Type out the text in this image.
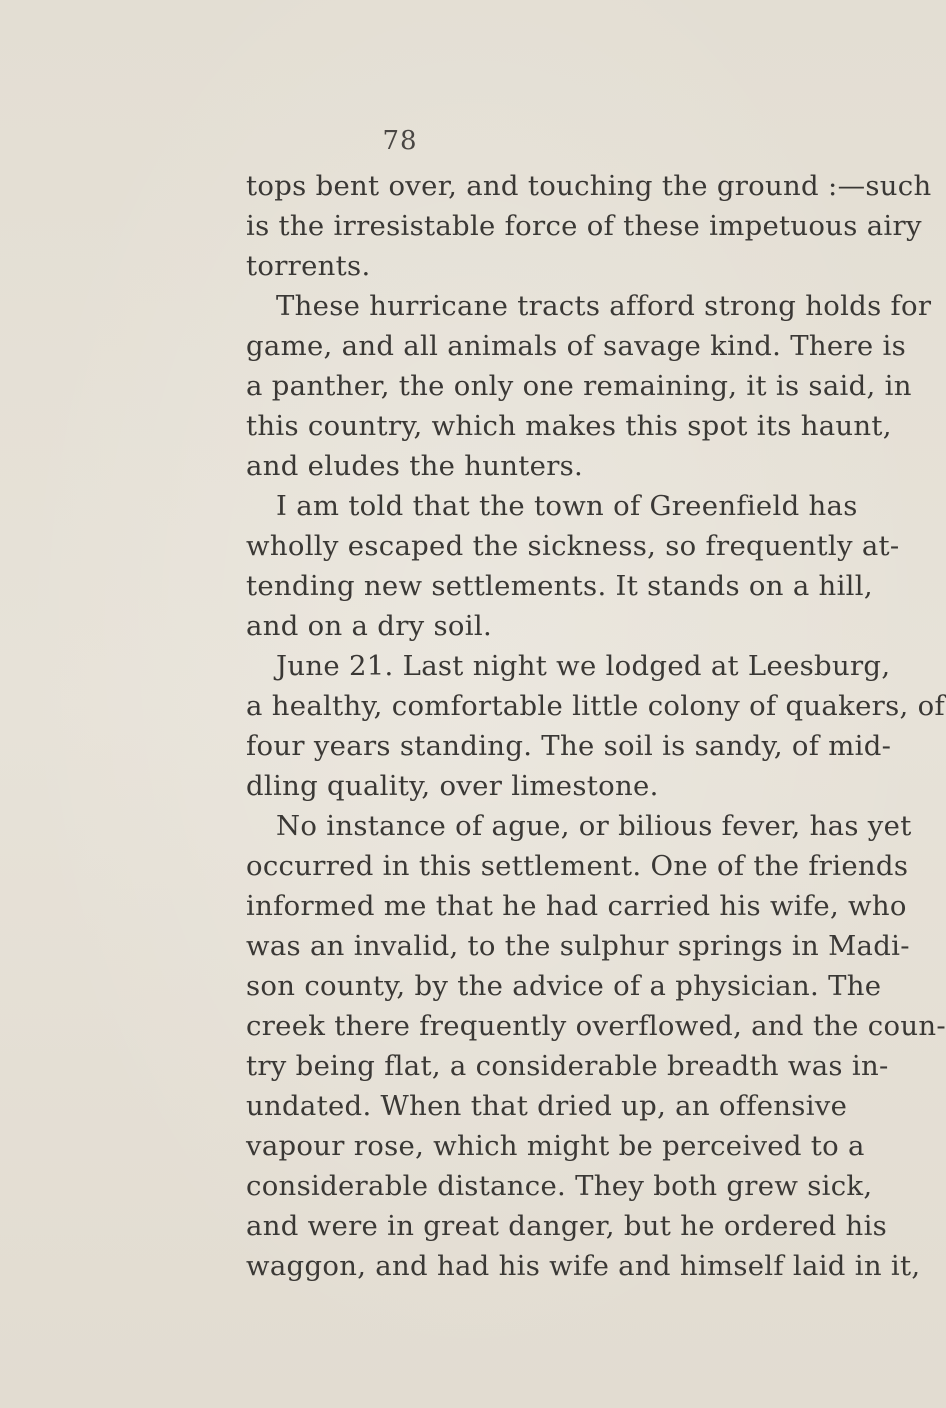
78
tops bent over, and touching the ground :—such
is the irresistable force of these impetuous airy
torrents.
These hurricane tracts afford strong holds for
game, and all animals of savage kind. There is
a panther, the only one remaining, it is said, in
this country, which makes this spot its haunt,
and eludes the hunters.
I am told that the town of Greenfield has
wholly escaped the sickness, so frequently at-
tending new settlements. It stands on a hill,
and on a dry soil.
June 21. Last night we lodged at Leesburg,
a healthy, comfortable little colony of quakers, of
four years standing. The soil is sandy, of mid-
dling quality, over limestone.
No instance of ague, or bilious fever, has yet
occurred in this settlement. One of the friends
informed me that he had carried his wife, who
was an invalid, to the sulphur springs in Madi-
son county, by the advice of a physician. The
creek there frequently overflowed, and the coun-
try being flat, a considerable breadth was in-
undated. When that dried up, an offensive
vapour rose, which might be perceived to a
considerable distance. They both grew sick,
and were in great danger, but he ordered his
waggon, and had his wife and himself laid in it,
